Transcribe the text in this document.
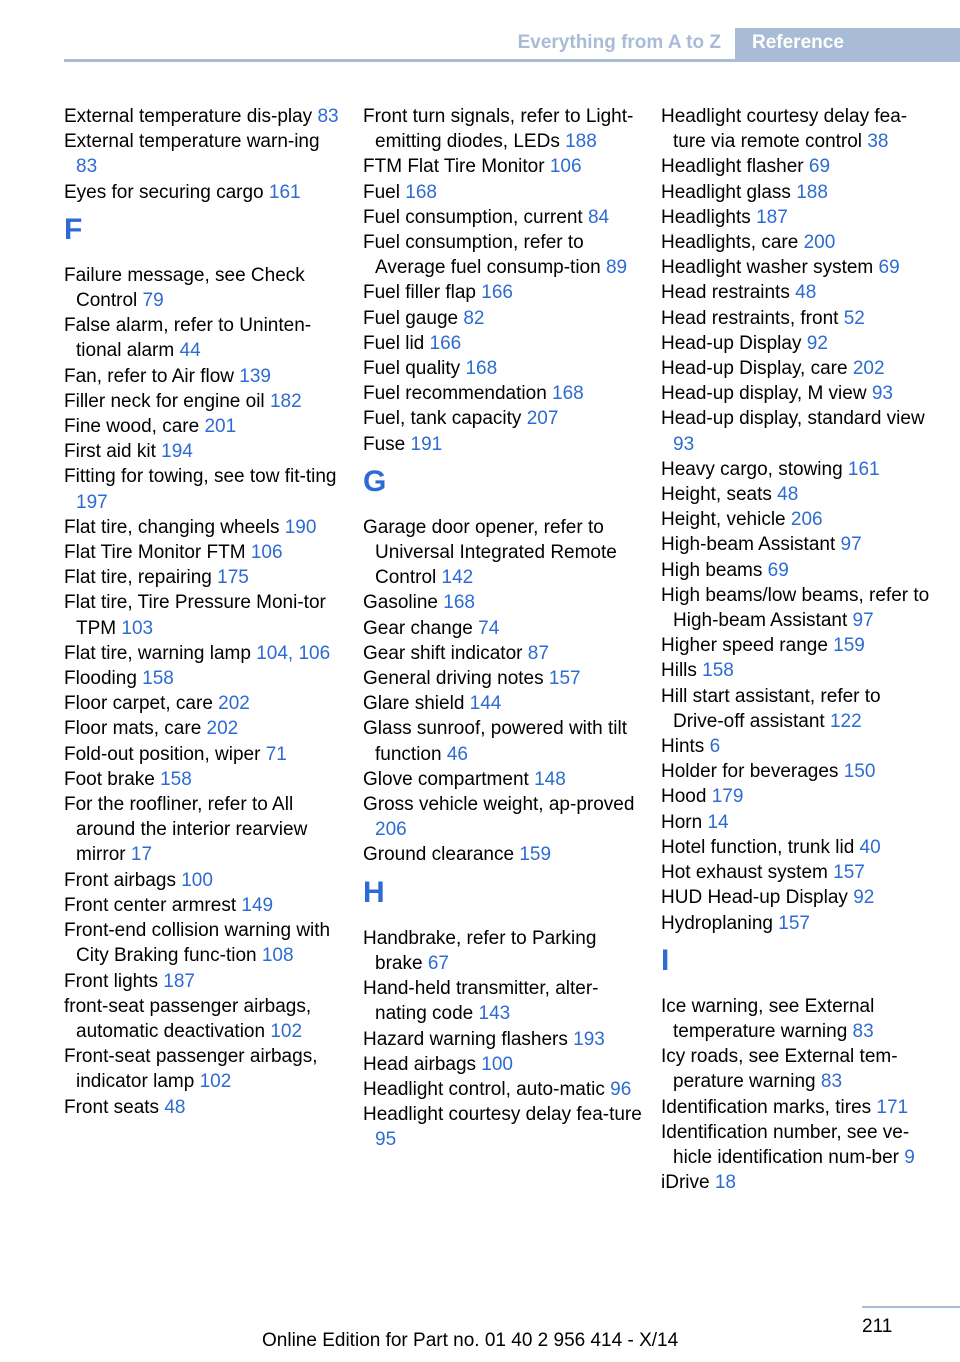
Everything from A to Z	Reference
External temperature dis‐play 83
External temperature warn‐ing 83
Eyes for securing cargo 161
F
Failure message, see Check Control 79
False alarm, refer to Uninten‐tional alarm 44
Fan, refer to Air flow 139
Filler neck for engine oil 182
Fine wood, care 201
First aid kit 194
Fitting for towing, see tow fit‐ting 197
Flat tire, changing wheels 190
Flat Tire Monitor FTM 106
Flat tire, repairing 175
Flat tire, Tire Pressure Moni‐tor TPM 103
Flat tire, warning lamp 104, 106
Flooding 158
Floor carpet, care 202
Floor mats, care 202
Fold-out position, wiper 71
Foot brake 158
For the roofliner, refer to All around the interior rearview mirror 17
Front airbags 100
Front center armrest 149
Front-end collision warning with City Braking func‐tion 108
Front lights 187
front-seat passenger airbags, automatic deactivation 102
Front-seat passenger airbags, indicator lamp 102
Front seats 48
Front turn signals, refer to Light-emitting diodes, LEDs 188
FTM Flat Tire Monitor 106
Fuel 168
Fuel consumption, current 84
Fuel consumption, refer to Average fuel consump‐tion 89
Fuel filler flap 166
Fuel gauge 82
Fuel lid 166
Fuel quality 168
Fuel recommendation 168
Fuel, tank capacity 207
Fuse 191
G
Garage door opener, refer to Universal Integrated Remote Control 142
Gasoline 168
Gear change 74
Gear shift indicator 87
General driving notes 157
Glare shield 144
Glass sunroof, powered with tilt function 46
Glove compartment 148
Gross vehicle weight, ap‐proved 206
Ground clearance 159
H
Handbrake, refer to Parking brake 67
Hand-held transmitter, alter‐nating code 143
Hazard warning flashers 193
Head airbags 100
Headlight control, auto‐matic 96
Headlight courtesy delay fea‐ture 95
Headlight courtesy delay fea‐ture via remote control 38
Headlight flasher 69
Headlight glass 188
Headlights 187
Headlights, care 200
Headlight washer system 69
Head restraints 48
Head restraints, front 52
Head-up Display 92
Head-up Display, care 202
Head-up display, M view 93
Head-up display, standard view 93
Heavy cargo, stowing 161
Height, seats 48
Height, vehicle 206
High-beam Assistant 97
High beams 69
High beams/low beams, refer to High-beam Assistant 97
Higher speed range 159
Hills 158
Hill start assistant, refer to Drive-off assistant 122
Hints 6
Holder for beverages 150
Hood 179
Horn 14
Hotel function, trunk lid 40
Hot exhaust system 157
HUD Head-up Display 92
Hydroplaning 157
I
Ice warning, see External temperature warning 83
Icy roads, see External tem‐perature warning 83
Identification marks, tires 171
Identification number, see ve‐hicle identification num‐ber 9
iDrive 18
211
Online Edition for Part no. 01 40 2 956 414 - X/14
